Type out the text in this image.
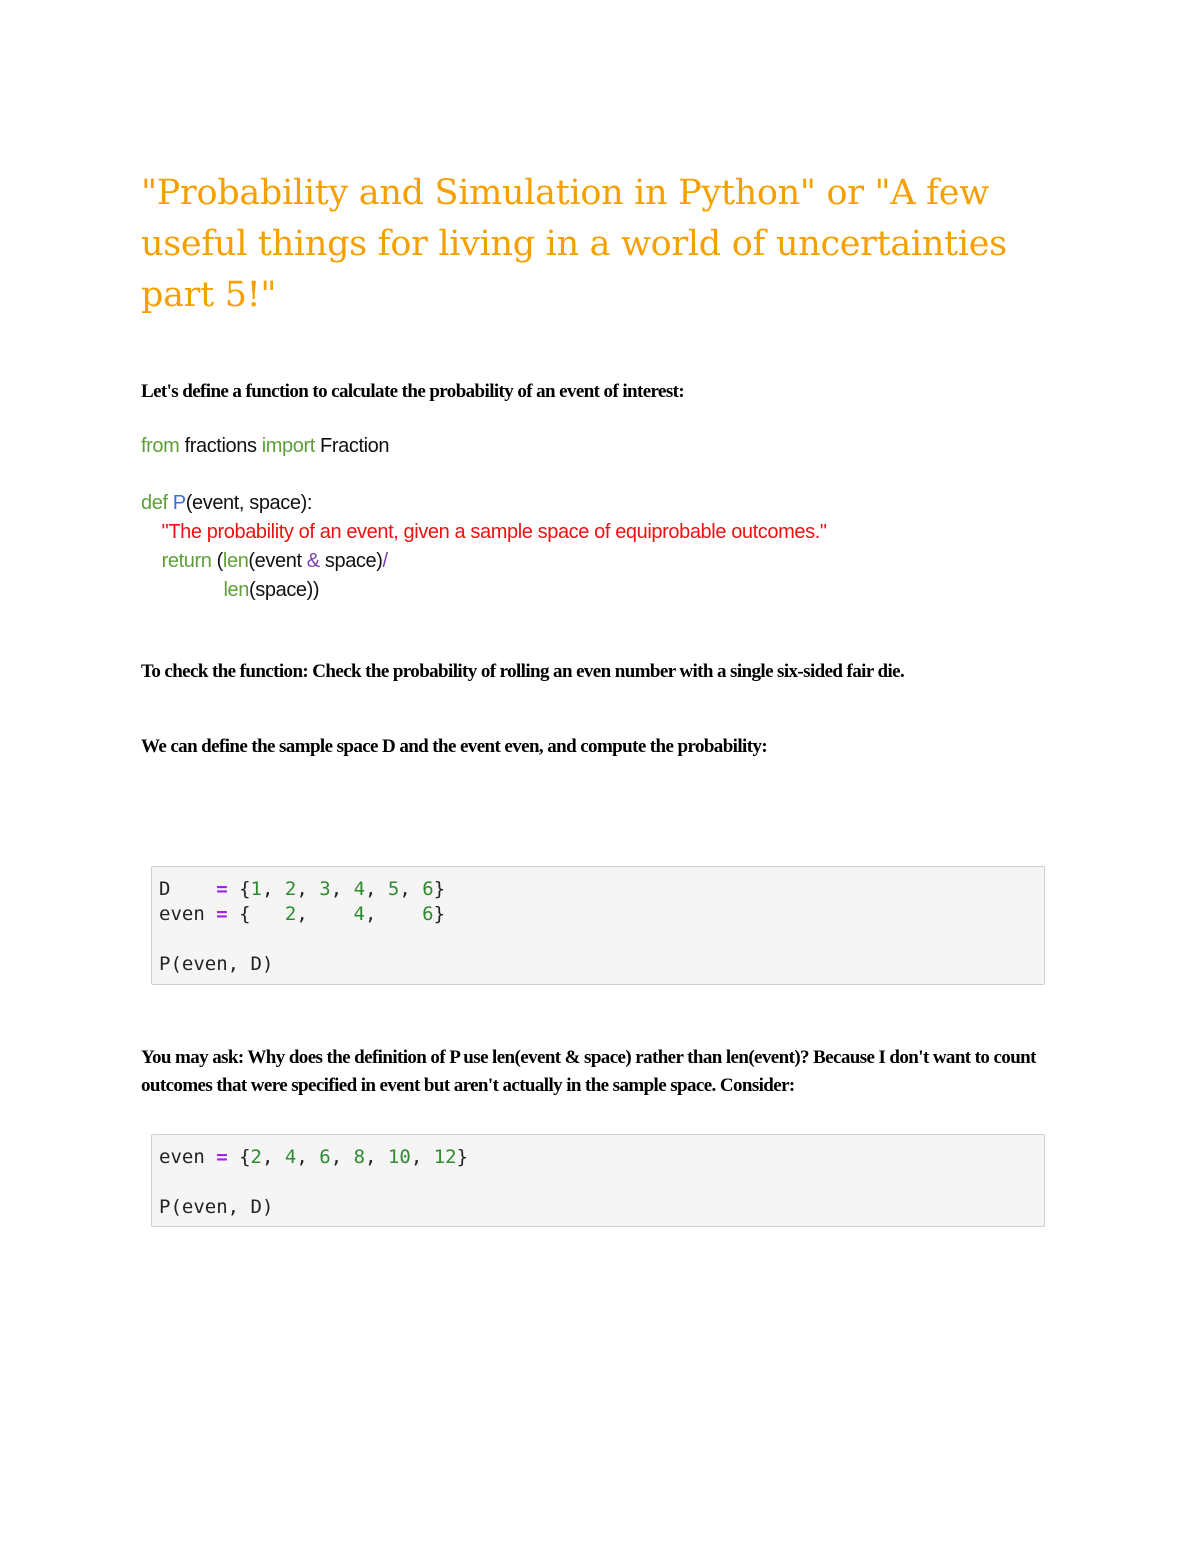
"Probability and Simulation in Python" or "A few useful things for living in a world of uncertainties part 5!"
Let's define a function to calculate the probability of an event of interest:
from fractions import Fraction
def P(event, space):
"The probability of an event, given a sample space of equiprobable outcomes."
return (len(event & space)/
len(space))
To check the function: Check the probability of rolling an even number with a single six-sided fair die.
We can define the sample space D and the event even, and compute the probability:
D    = {1, 2, 3, 4, 5, 6}
even = {   2,    4,    6}
P(even, D)
You may ask: Why does the definition of P use len(event & space) rather than len(event)? Because I don't want to count outcomes that were specified in event but aren't actually in the sample space. Consider:
even = {2, 4, 6, 8, 10, 12}
P(even, D)
